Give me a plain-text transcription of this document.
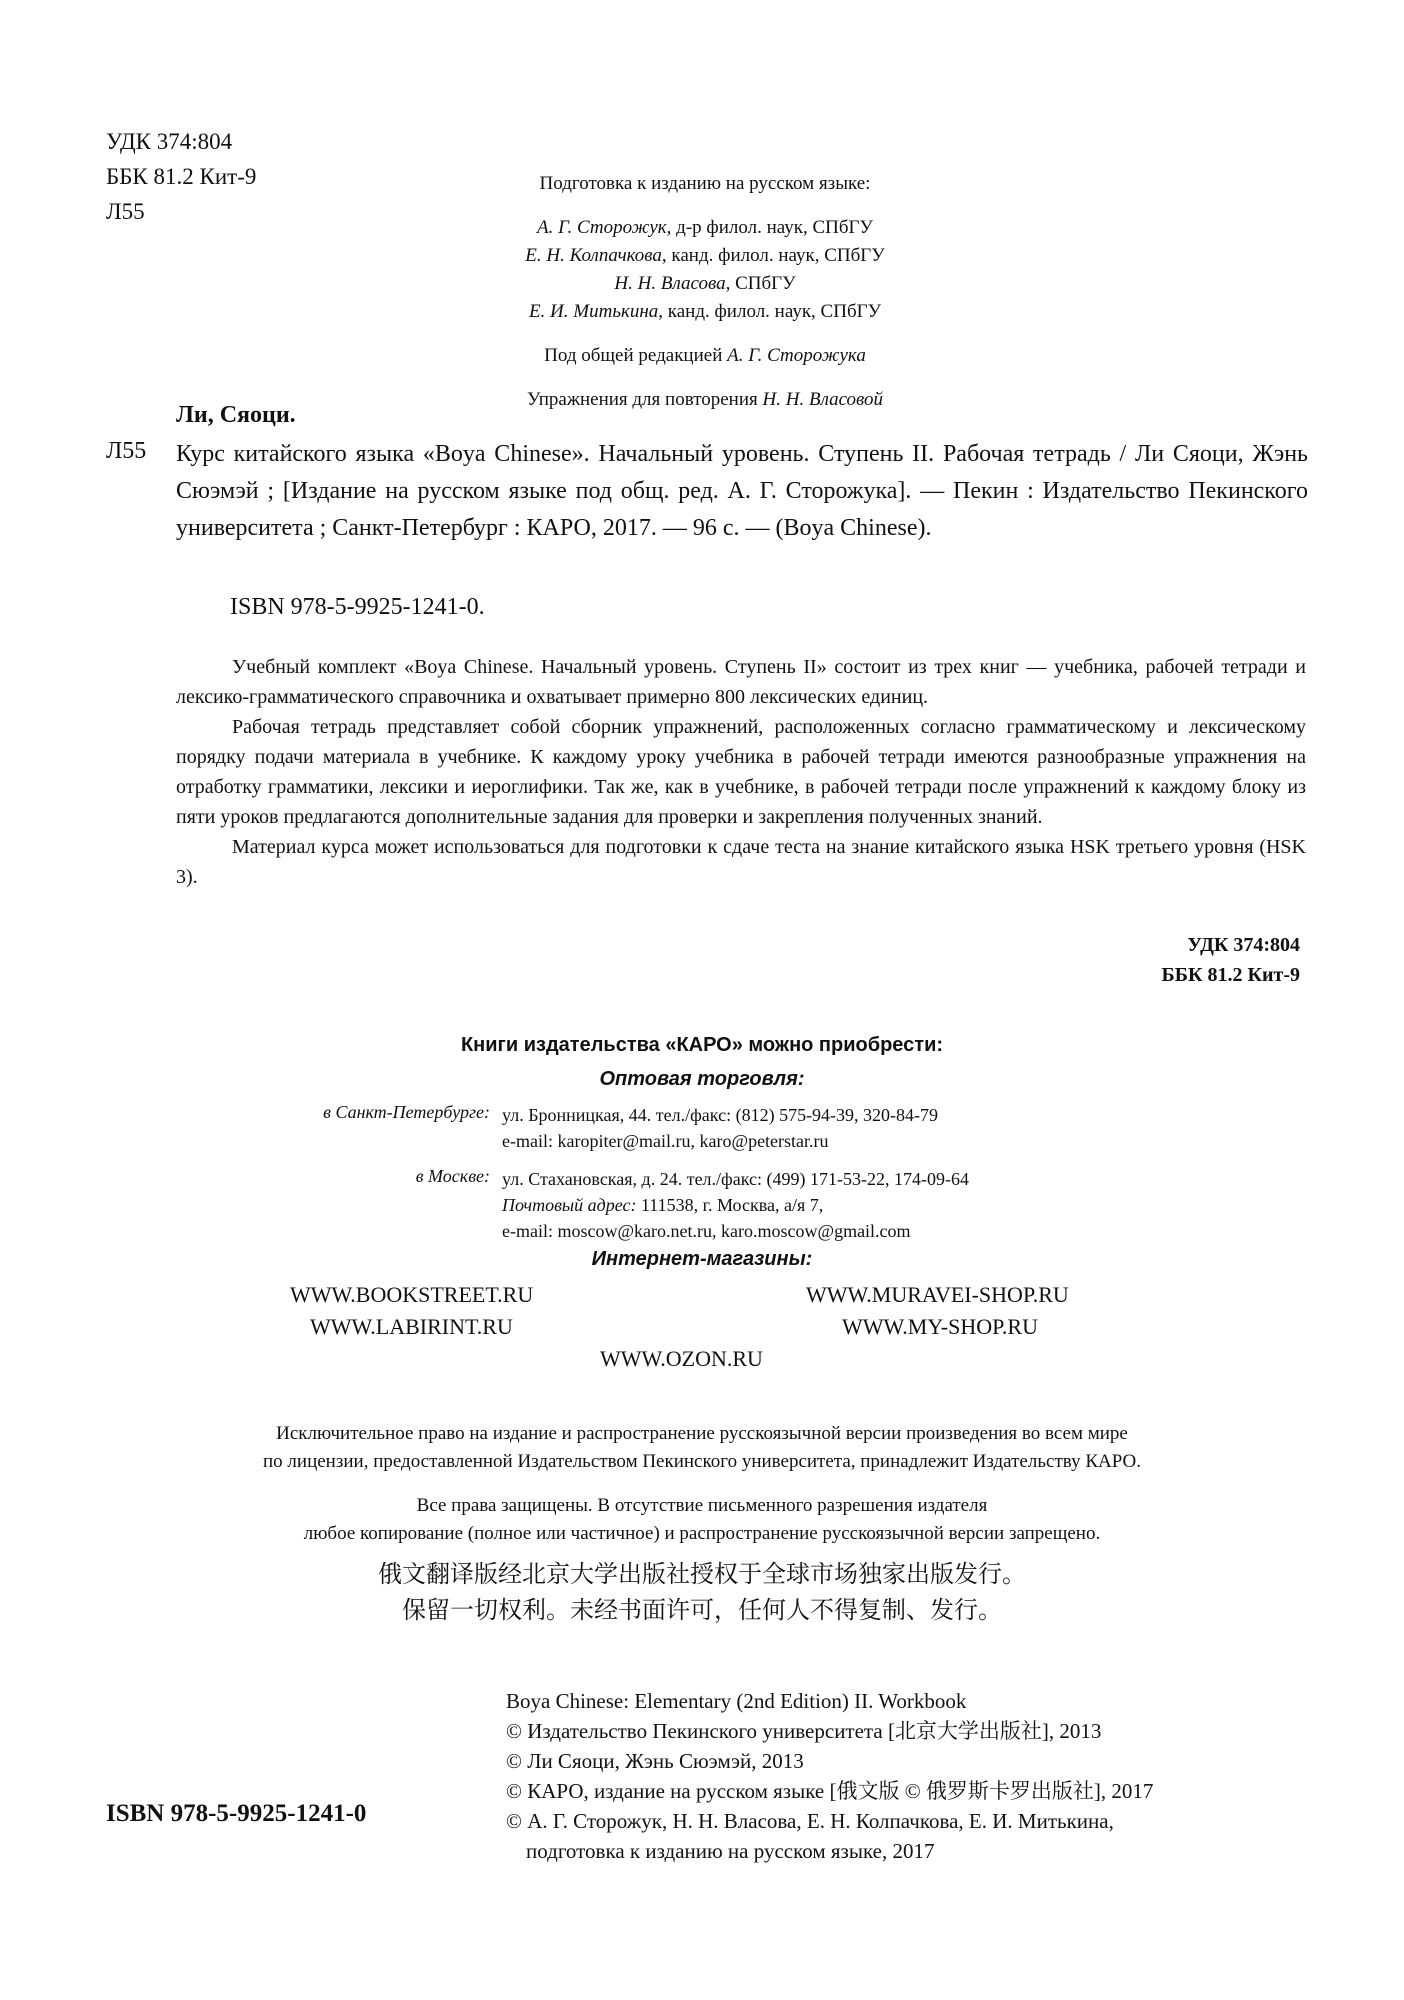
УДК 374:804
ББК 81.2 Кит-9
Л55
Подготовка к изданию на русском языке:
А. Г. Сторожук, д-р филол. наук, СПбГУ
Е. Н. Колпачкова, канд. филол. наук, СПбГУ
Н. Н. Власова, СПбГУ
Е. И. Митькина, канд. филол. наук, СПбГУ
Под общей редакцией А. Г. Сторожука
Упражнения для повторения Н. Н. Власовой
Ли, Сяоци.
Л55 Курс китайского языка «Boya Chinese». Начальный уровень. Ступень II. Рабочая тетрадь / Ли Сяоци, Жэнь Сюэмэй ; [Издание на русском языке под общ. ред. А. Г. Сторожука]. — Пекин : Издательство Пекинского университета ; Санкт-Петербург : КАРО, 2017. — 96 с. — (Boya Chinese).
ISBN 978-5-9925-1241-0.

Учебный комплект «Boya Chinese. Начальный уровень. Ступень II» состоит из трех книг — учебника, рабочей тетради и лексико-грамматического справочника и охватывает примерно 800 лексических единиц.

Рабочая тетрадь представляет собой сборник упражнений, расположенных согласно грамматическому и лексическому порядку подачи материала в учебнике. К каждому уроку учебника в рабочей тетради имеются разнообразные упражнения на отработку грамматики, лексики и иероглифики. Так же, как в учебнике, в рабочей тетради после упражнений к каждому блоку из пяти уроков предлагаются дополнительные задания для проверки и закрепления полученных знаний.

Материал курса может использоваться для подготовки к сдаче теста на знание китайского языка HSK третьего уровня (HSK 3).

УДК 374:804
ББК 81.2 Кит-9
Книги издательства «КАРО» можно приобрести:
Оптовая торговля:
в Санкт-Петербурге: ул. Бронницкая, 44. тел./факс: (812) 575-94-39, 320-84-79
e-mail: karopiter@mail.ru, karo@peterstar.ru
в Москве: ул. Стахановская, д. 24. тел./факс: (499) 171-53-22, 174-09-64
Почтовый адрес: 111538, г. Москва, а/я 7,
e-mail: moscow@karo.net.ru, karo.moscow@gmail.com
Интернет-магазины:
WWW.BOOKSTREET.RU	WWW.MURAVEI-SHOP.RU
WWW.LABIRINT.RU	WWW.MY-SHOP.RU
WWW.OZON.RU
Исключительное право на издание и распространение русскоязычной версии произведения во всем мире
по лицензии, предоставленной Издательством Пекинского университета, принадлежит Издательству КАРО.
Все права защищены. В отсутствие письменного разрешения издателя
любое копирование (полное или частичное) и распространение русскоязычной версии запрещено.
俄文翻译版经北京大学出版社授权于全球市场独家出版发行。
保留一切权利。未经书面许可，任何人不得复制、发行。
Boya Chinese: Elementary (2nd Edition) II. Workbook
© Издательство Пекинского университета [北京大学出版社], 2013
© Ли Сяоци, Жэнь Сюэмэй, 2013
© КАРО, издание на русском языке [俄文版 © 俄罗斯卡罗出版社], 2017
© А. Г. Сторожук, Н. Н. Власова, Е. Н. Колпачкова, Е. И. Митькина,
подготовка к изданию на русском языке, 2017
ISBN 978-5-9925-1241-0
